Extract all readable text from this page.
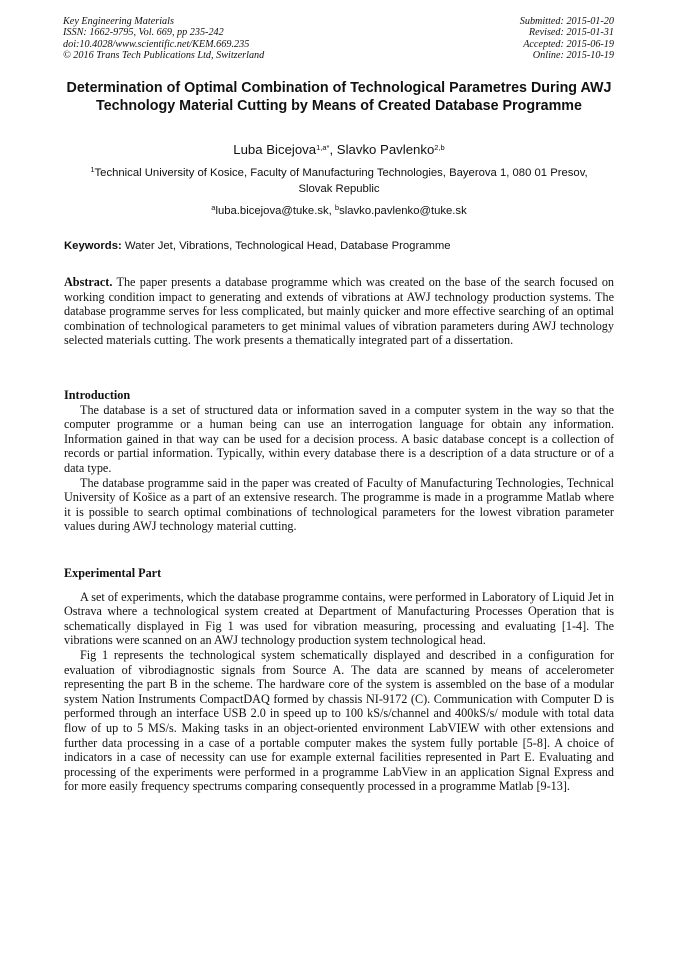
Key Engineering Materials
ISSN: 1662-9795, Vol. 669, pp 235-242
doi:10.4028/www.scientific.net/KEM.669.235
© 2016 Trans Tech Publications Ltd, Switzerland
Submitted: 2015-01-20
Revised: 2015-01-31
Accepted: 2015-06-19
Online: 2015-10-19
Determination of Optimal Combination of Technological Parametres During AWJ Technology Material Cutting by Means of Created Database Programme
Luba Bicejova$^{1,a*}$, Slavko Pavlenko$^{2,b}$
$^1$Technical University of Kosice, Faculty of Manufacturing Technologies, Bayerova 1, 080 01 Presov, Slovak Republic
$^a$luba.bicejova@tuke.sk, $^b$slavko.pavlenko@tuke.sk
Keywords: Water Jet, Vibrations, Technological Head, Database Programme
Abstract. The paper presents a database programme which was created on the base of the search focused on working condition impact to generating and extends of vibrations at AWJ technology production systems. The database programme serves for less complicated, but mainly quicker and more effective searching of an optimal combination of technological parameters to get minimal values of vibration parameters during AWJ technology selected materials cutting. The work presents a thematically integrated part of a dissertation.
Introduction

The database is a set of structured data or information saved in a computer system in the way so that the computer programme or a human being can use an interrogation language for obtain any information. Information gained in that way can be used for a decision process. A basic database concept is a collection of records or partial information. Typically, within every database there is a description of a data structure or of a data type.

The database programme said in the paper was created of Faculty of Manufacturing Technologies, Technical University of Košice as a part of an extensive research. The programme is made in a programme Matlab where it is possible to search optimal combinations of technological parameters for the lowest vibration parameter values during AWJ technology material cutting.

Experimental Part

A set of experiments, which the database programme contains, were performed in Laboratory of Liquid Jet in Ostrava where a technological system created at Department of Manufacturing Processes Operation that is schematically displayed in Fig 1 was used for vibration measuring, processing and evaluating [1-4]. The vibrations were scanned on an AWJ technology production system technological head.

Fig 1 represents the technological system schematically displayed and described in a configuration for evaluation of vibrodiagnostic signals from Source A. The data are scanned by means of accelerometer representing the part B in the scheme. The hardware core of the system is assembled on the base of a modular system Nation Instruments CompactDAQ formed by chassis NI-9172 (C). Communication with Computer D is performed through an interface USB 2.0 in speed up to 100 kS/s/channel and 400kS/s/ module with total data flow of up to 5 MS/s. Making tasks in an object-oriented environment LabVIEW with other extensions and further data processing in a case of a portable computer makes the system fully portable [5-8]. A choice of indicators in a case of necessity can use for example external facilities represented in Part E. Evaluating and processing of the experiments were performed in a programme LabView in an application Signal Express and for more easily frequency spectrums comparing consequently processed in a programme Matlab [9-13].
